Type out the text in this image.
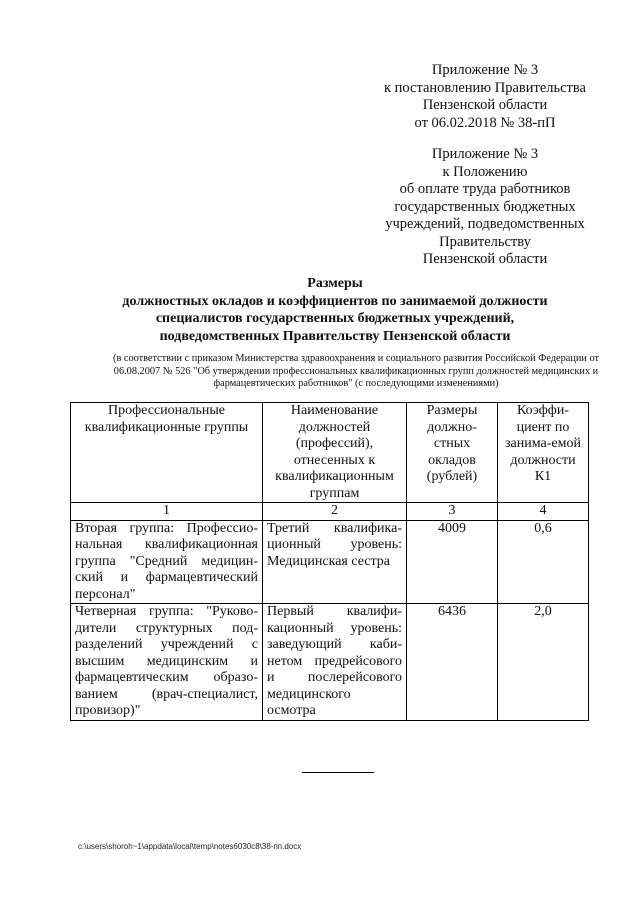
Приложение № 3
к постановлению Правительства
Пензенской области
от 06.02.2018 № 38-пП
Приложение № 3
к Положению
об оплате труда работников
государственных бюджетных
учреждений, подведомственных
Правительству
Пензенской области
Размеры
должностных окладов и коэффициентов по занимаемой должности
специалистов государственных бюджетных учреждений,
подведомственных Правительству Пензенской области
(в соответствии с приказом Министерства здравоохранения и социального развития Российской Федерации от
06.08.2007 № 526 "Об утверждении профессиональных квалификационных групп должностей медицинских и
фармацевтических работников" (с последующими изменениями)
Профессиональные квалификационные группы	Наименование должностей (профессий), отнесенных к квалификационным группам	Размеры должно-стных окладов (рублей)	Коэффи-циент по занима-емой должности К1
1	2	3	4
Вторая группа: Профессио-нальная квалификационная группа "Средний медицин-ский и фармацевтический персонал"	Третий квалифика-ционный уровень: Медицинская сестра	4009	0,6
Четверная группа: "Руково-дители структурных под-разделений учреждений с высшим медицинским и фармацевтическим образо-ванием (врач-специалист, провизор)"	Первый квалифи-кационный уровень: заведующий каби-нетом предрейсового и послерейсового медицинского осмотра	6436	2,0
c:\users\shoroh~1\appdata\local\temp\notes6030c8\38-пп.docx
